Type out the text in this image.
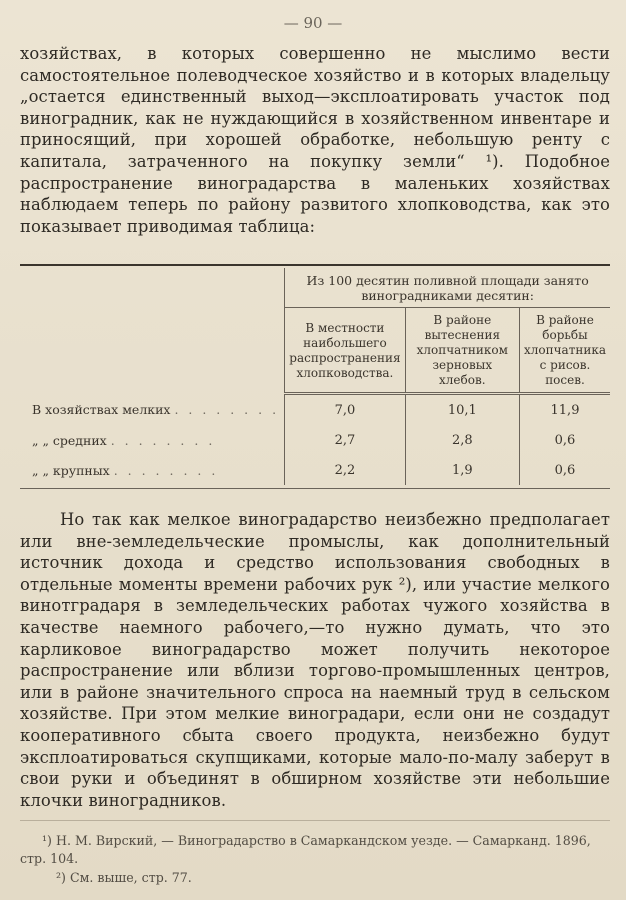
— 90 —

хозяйствах, в которых совершенно не мыслимо вести самостоятельное полеводческое хозяйство и в которых владельцу „остается единственный выход—эксплоатировать участок под виноградник, как не нуждающийся в хозяйственном инвентаре и приносящий, при хорошей обработке, небольшую ренту с капитала, затраченного на покупку земли“ ¹). Подобное распространение виноградарства в маленьких хозяйствах наблюдаем теперь по району развитого хлопководства, как это показывает приводимая таблица:

	Из 100 десятин поливной площади занято виноградниками десятин:		
	В местности наибольшего распространения хлопководства.	В районе вытеснения хлопчатником зерновых хлебов.	В районе борьбы хлопчатника с рисов. посев.
В хозяйствах мелких . . . . . . . .	7,0	10,1	11,9
„ „ средних . . . . . . . .	2,7	2,8	0,6
„ „ крупных . . . . . . . .	2,2	1,9	0,6

Но так как мелкое виноградарство неизбежно предполагает или вне-земледельческие промыслы, как дополнительный источник дохода и средство использования свободных в отдельные моменты времени рабочих рук ²), или участие мелкого винотградаря в земледельческих работах чужого хозяйства в качестве наемного рабочего,—то нужно думать, что это карликовое виноградарство может получить некоторое распространение или вблизи торгово-промышленных центров, или в районе значительного спроса на наемный труд в сельском хозяйстве. При этом мелкие виноградари, если они не создадут кооперативного сбыта своего продукта, неизбежно будут эксплоатироваться скупщиками, которые мало-по-малу заберут в свои руки и объединят в обширном хозяйстве эти небольшие клочки виноградников.

¹) Н. М. Вирский, — Виноградарство в Самаркандском уезде. — Самарканд. 1896, стр. 104.

²) См. выше, стр. 77.
